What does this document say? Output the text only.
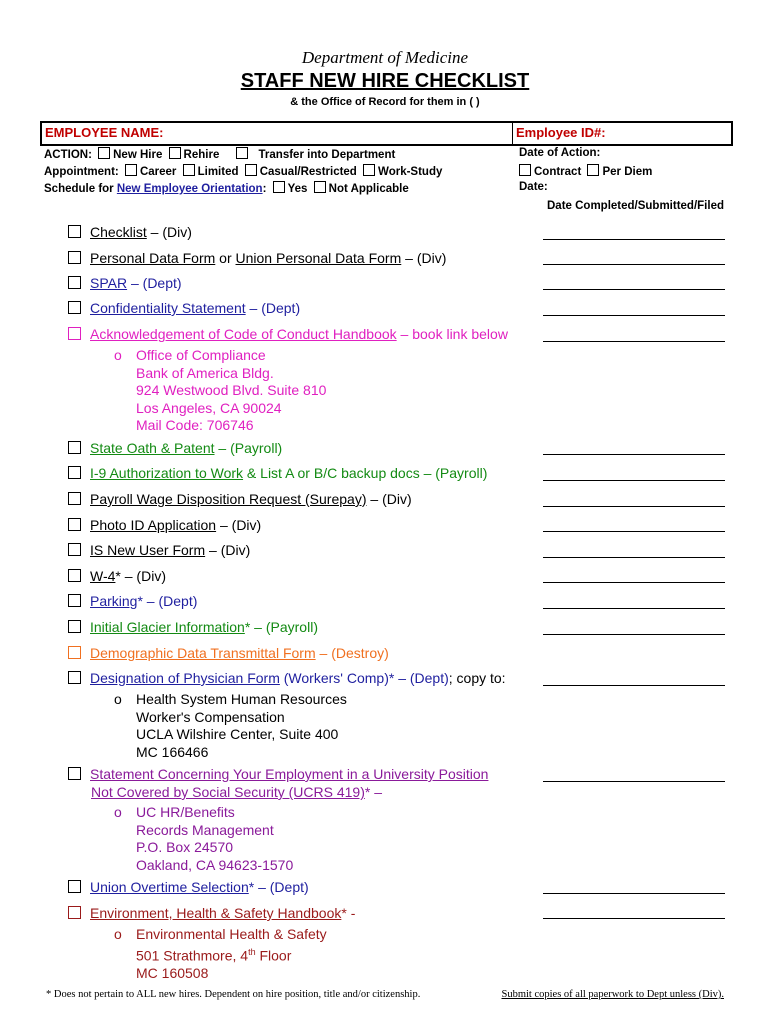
Department of Medicine
STAFF NEW HIRE CHECKLIST
& the Office of Record for them in ( )
EMPLOYEE NAME:	Employee ID#:
ACTION: New Hire Rehire	Transfer into Department
Appointment: Career Limited Casual/Restricted Work-Study
Schedule for New Employee Orientation: Yes Not Applicable
Date of Action:
Contract Per Diem
Date:
Date Completed/Submitted/Filed
Checklist – (Div)
Personal Data Form or Union Personal Data Form – (Div)
SPAR – (Dept)
Confidentiality Statement – (Dept)
Acknowledgement of Code of Conduct Handbook – book link below
o Office of Compliance
Bank of America Bldg.
924 Westwood Blvd. Suite 810
Los Angeles, CA 90024
Mail Code: 706746
State Oath & Patent – (Payroll)
I-9 Authorization to Work & List A or B/C backup docs – (Payroll)
Payroll Wage Disposition Request (Surepay) – (Div)
Photo ID Application – (Div)
IS New User Form – (Div)
W-4* – (Div)
Parking* – (Dept)
Initial Glacier Information* – (Payroll)
Demographic Data Transmittal Form – (Destroy)
Designation of Physician Form (Workers' Comp)* – (Dept); copy to:
o Health System Human Resources
Worker's Compensation
UCLA Wilshire Center, Suite 400
MC 166466
Statement Concerning Your Employment in a University Position
Not Covered by Social Security (UCRS 419)* –
o UC HR/Benefits
Records Management
P.O. Box 24570
Oakland, CA 94623-1570
Union Overtime Selection* – (Dept)
Environment, Health & Safety Handbook* -
o Environmental Health & Safety
501 Strathmore, 4th Floor
MC 160508
* Does not pertain to ALL new hires. Dependent on hire position, title and/or citizenship.	Submit copies of all paperwork to Dept unless (Div).
